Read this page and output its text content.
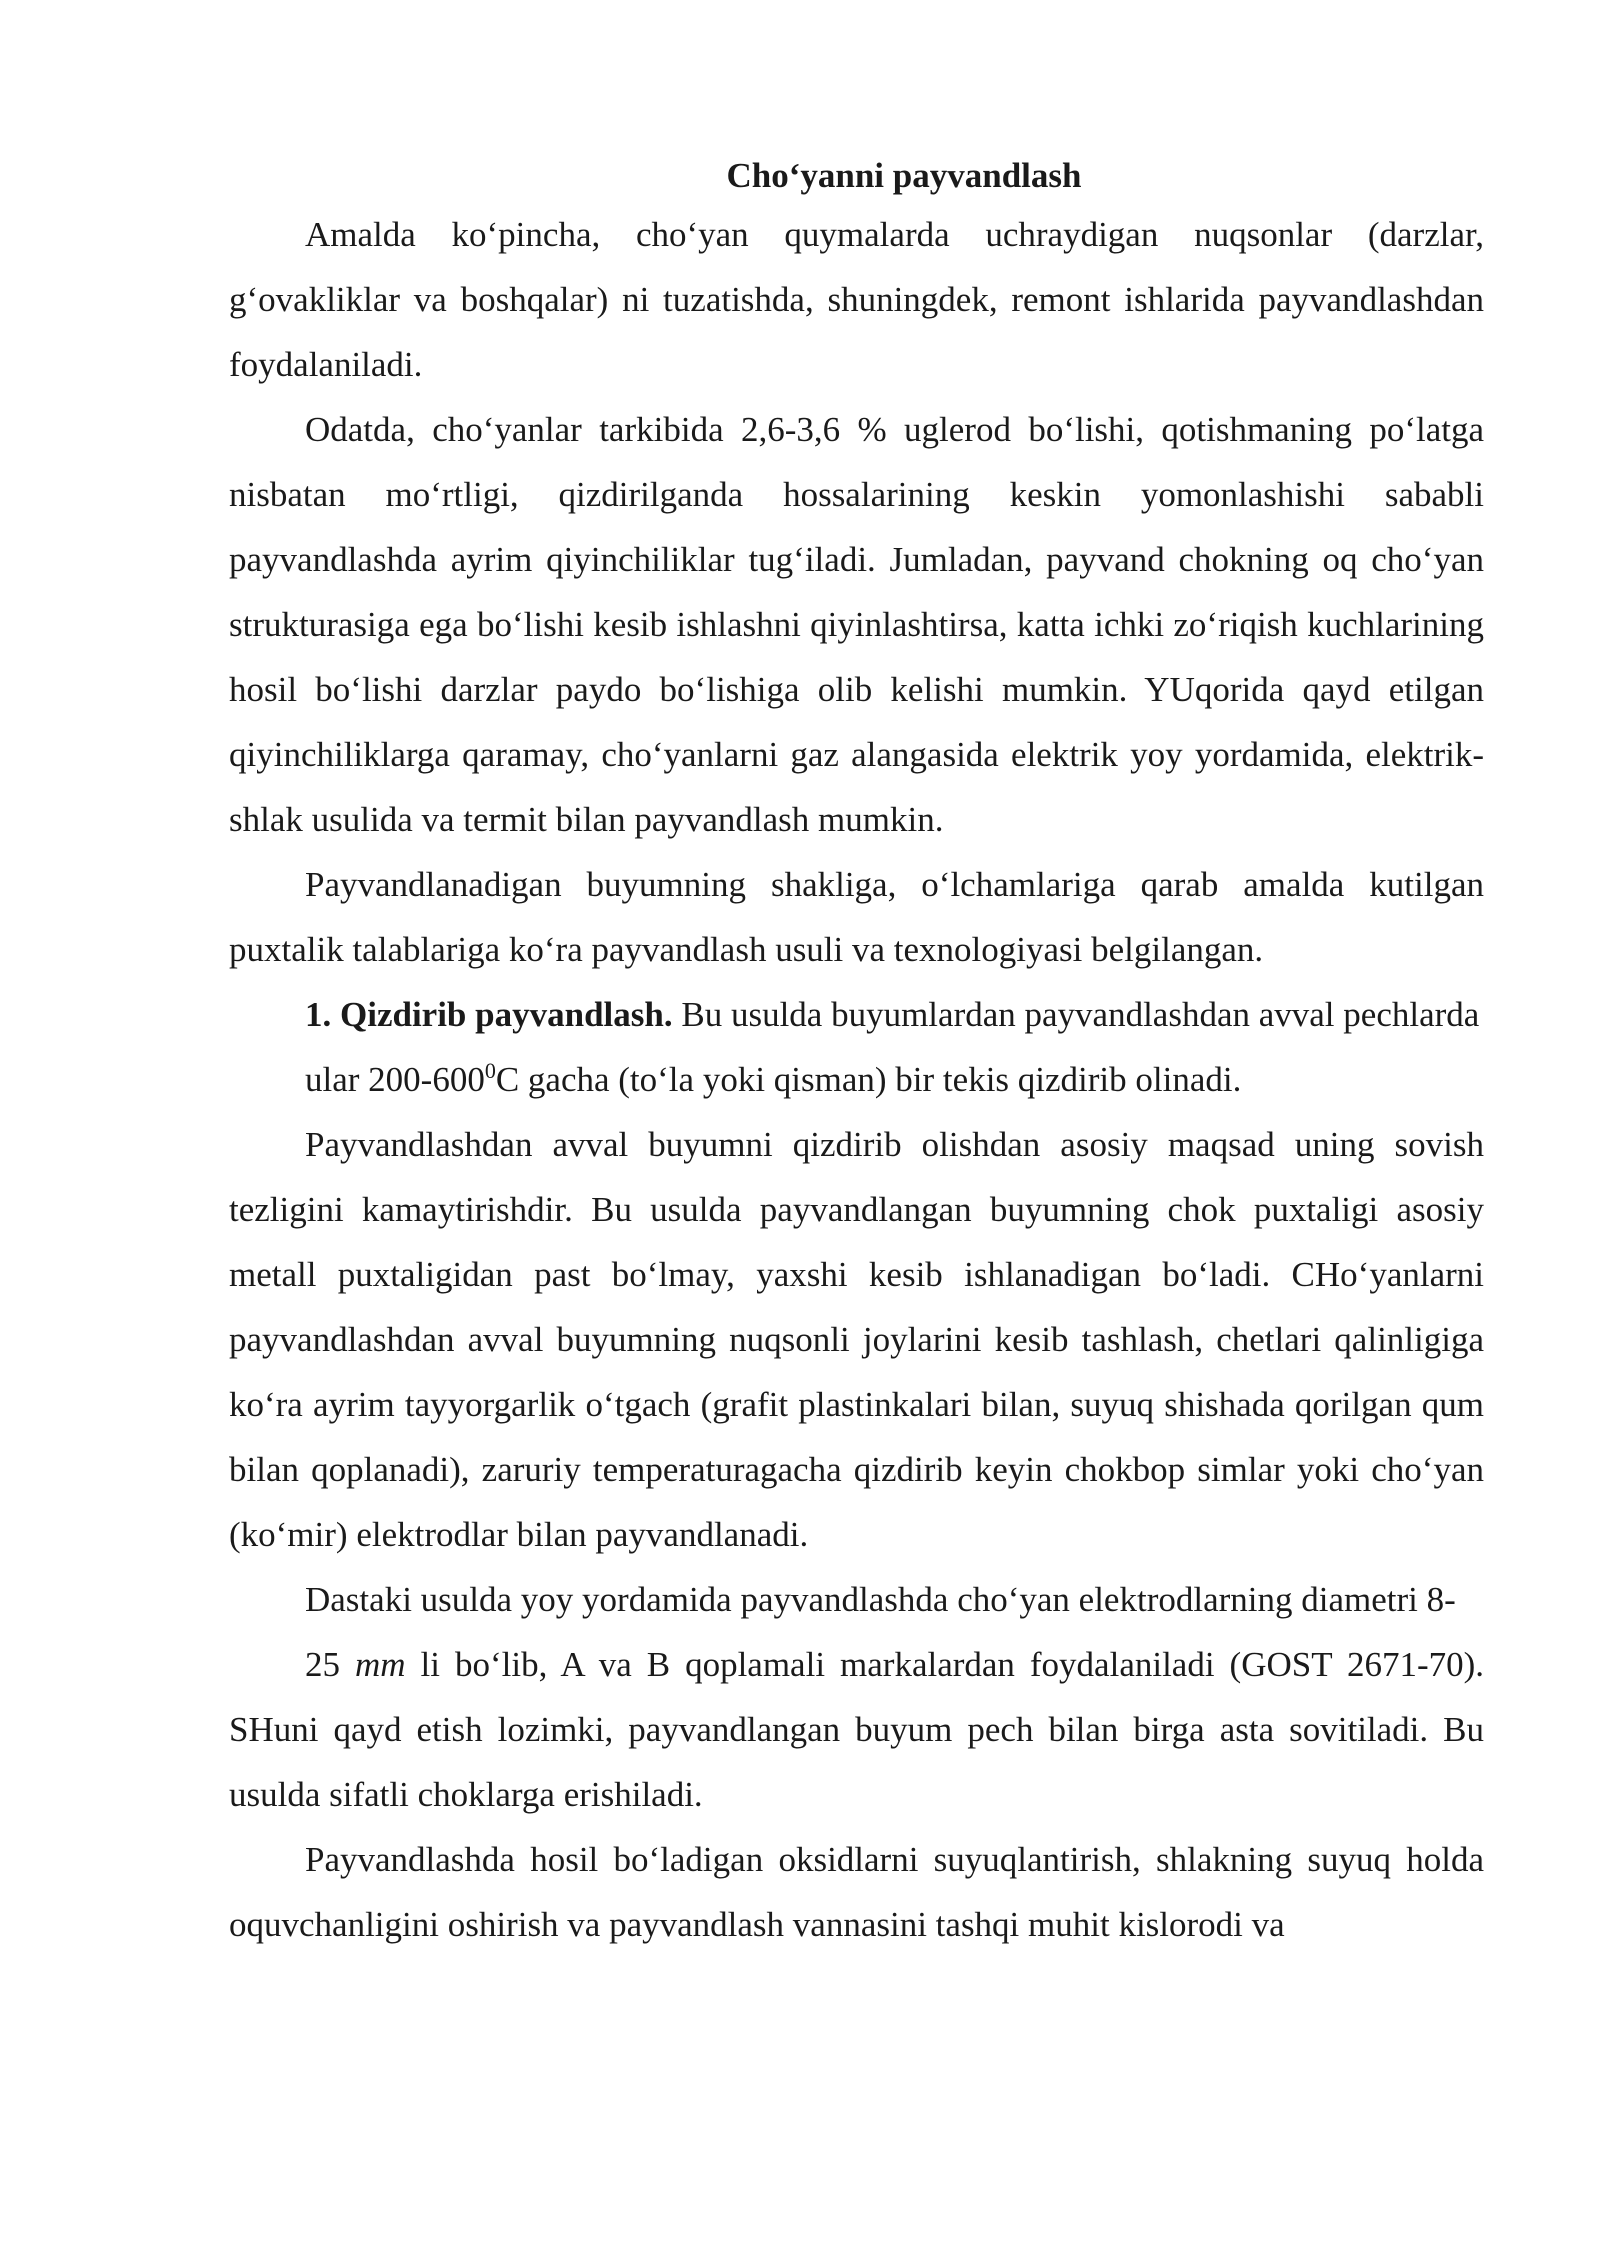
Cho‘yanni payvandlash

Amalda ko‘pincha, cho‘yan quymalarda uchraydigan nuqsonlar (darzlar, g‘ovakliklar va boshqalar) ni tuzatishda, shuningdek, remont ishlarida payvandlashdan foydalaniladi.

Odatda, cho‘yanlar tarkibida 2,6-3,6 % uglerod bo‘lishi, qotishmaning po‘latga nisbatan mo‘rtligi, qizdirilganda hossalarining keskin yomonlashishi sababli payvandlashda ayrim qiyinchiliklar tug‘iladi. Jumladan, payvand chokning oq cho‘yan strukturasiga ega bo‘lishi kesib ishlashni qiyinlashtirsa, katta ichki zo‘riqish kuchlarining hosil bo‘lishi darzlar paydo bo‘lishiga olib kelishi mumkin. YUqorida qayd etilgan qiyinchiliklarga qaramay, cho‘yanlarni gaz alangasida elektrik yoy yordamida, elektrik-shlak usulida va termit bilan payvandlash mumkin.

Payvandlanadigan buyumning shakliga, o‘lchamlariga qarab amalda kutilgan puxtalik talablariga ko‘ra payvandlash usuli va texnologiyasi belgilangan.

1. Qizdirib payvandlash. Bu usulda buyumlardan payvandlashdan avval pechlarda ular $200-600^0C$ gacha (to‘la yoki qisman) bir tekis qizdirib olinadi.

Payvandlashdan avval buyumni qizdirib olishdan asosiy maqsad uning sovish tezligini kamaytirishdir. Bu usulda payvandlangan buyumning chok puxtaligi asosiy metall puxtaligidan past bo‘lmay, yaxshi kesib ishlanadigan bo‘ladi. CHo‘yanlarni payvandlashdan avval buyumning nuqsonli joylarini kesib tashlash, chetlari qalinligiga ko‘ra ayrim tayyorgarlik o‘tgach (grafit plastinkalari bilan, suyuq shishada qorilgan qum bilan qoplanadi), zaruriy temperaturagacha qizdirib keyin chokbop simlar yoki cho‘yan (ko‘mir) elektrodlar bilan payvandlanadi.

Dastaki usulda yoy yordamida payvandlashda cho‘yan elektrodlarning diametri 8-

25 mm li bo‘lib, A va B qoplamali markalardan foydalaniladi (GOST 2671-70). SHuni qayd etish lozimki, payvandlangan buyum pech bilan birga asta sovitiladi. Bu usulda sifatli choklarga erishiladi.

Payvandlashda hosil bo‘ladigan oksidlarni suyuqlantirish, shlakning suyuq holda oquvchanligini oshirish va payvandlash vannasini tashqi muhit kislorodi va
